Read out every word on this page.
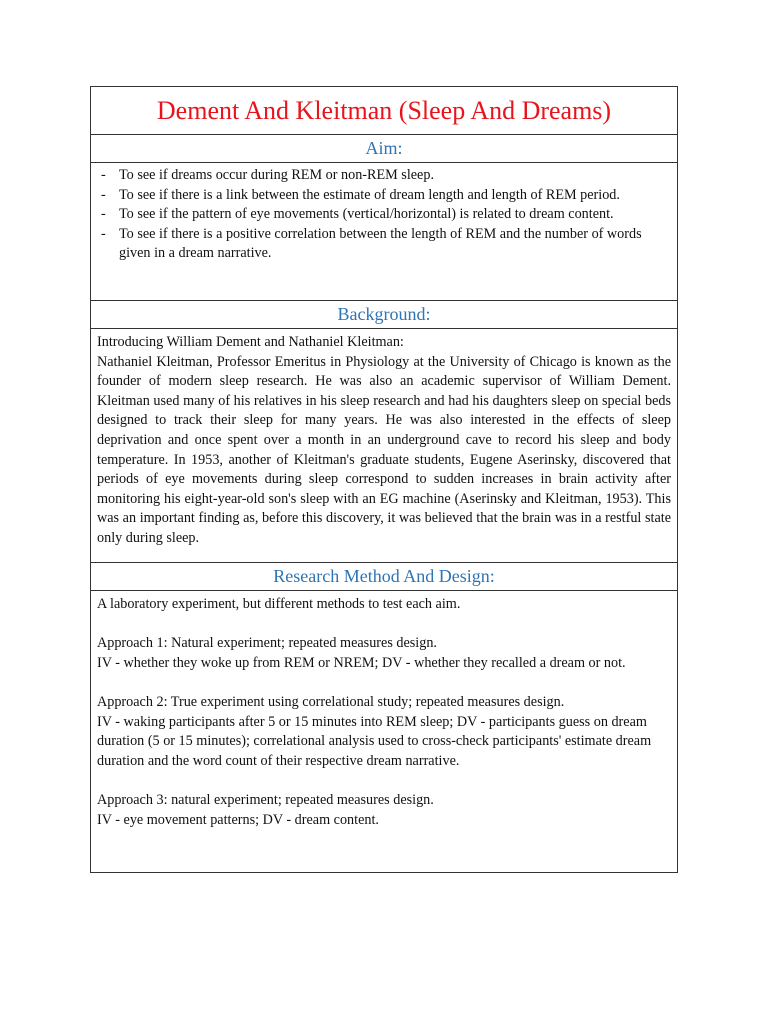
Dement And Kleitman (Sleep And Dreams)
Aim:
- To see if dreams occur during REM or non-REM sleep.
- To see if there is a link between the estimate of dream length and length of REM period.
- To see if the pattern of eye movements (vertical/horizontal) is related to dream content.
- To see if there is a positive correlation between the length of REM and the number of words given in a dream narrative.
Background:

Introducing William Dement and Nathaniel Kleitman:

Nathaniel Kleitman, Professor Emeritus in Physiology at the University of Chicago is known as the founder of modern sleep research. He was also an academic supervisor of William Dement. Kleitman used many of his relatives in his sleep research and had his daughters sleep on special beds designed to track their sleep for many years. He was also interested in the effects of sleep deprivation and once spent over a month in an underground cave to record his sleep and body temperature. In 1953, another of Kleitman's graduate students, Eugene Aserinsky, discovered that periods of eye movements during sleep correspond to sudden increases in brain activity after monitoring his eight-year-old son's sleep with an EG machine (Aserinsky and Kleitman, 1953). This was an important finding as, before this discovery, it was believed that the brain was in a restful state only during sleep.

Research Method And Design:

A laboratory experiment, but different methods to test each aim.

Approach 1: Natural experiment; repeated measures design.

IV - whether they woke up from REM or NREM; DV - whether they recalled a dream or not.

Approach 2: True experiment using correlational study; repeated measures design.

IV - waking participants after 5 or 15 minutes into REM sleep; DV - participants guess on dream duration (5 or 15 minutes); correlational analysis used to cross-check participants' estimate dream duration and the word count of their respective dream narrative.

Approach 3: natural experiment; repeated measures design.

IV - eye movement patterns; DV - dream content.
